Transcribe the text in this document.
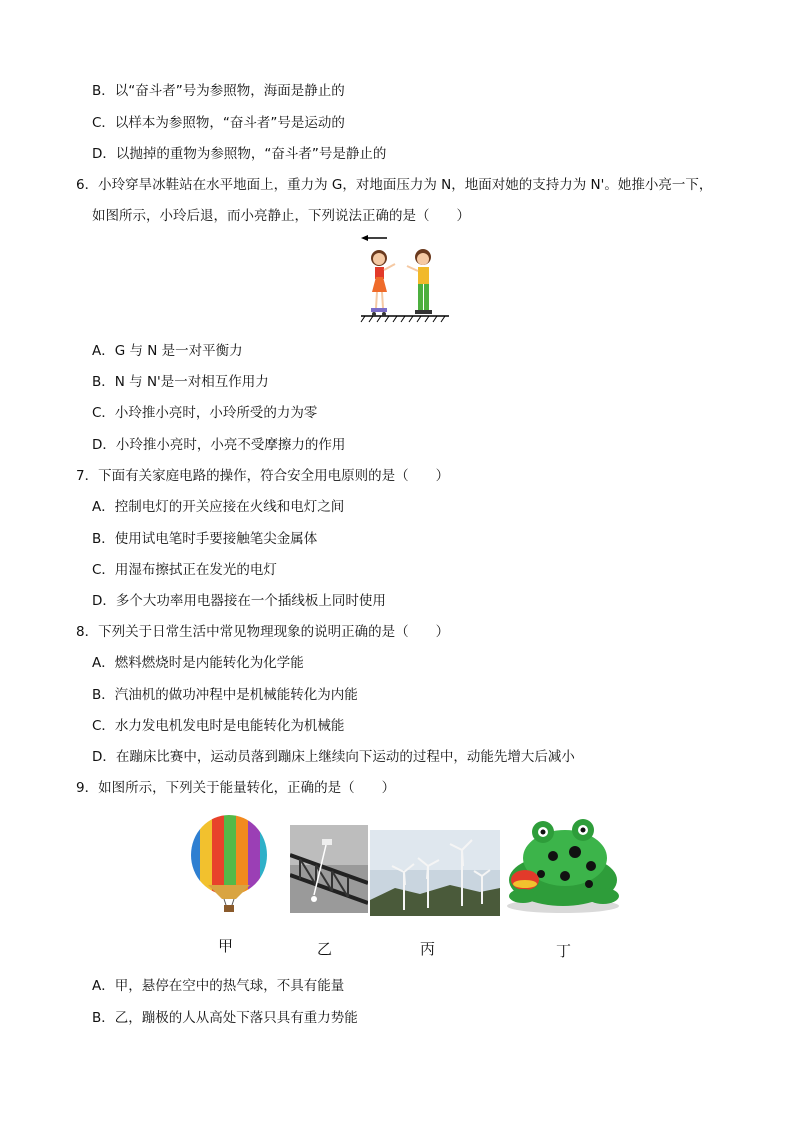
B．以“奋斗者”号为参照物，海面是静止的
C．以样本为参照物，“奋斗者”号是运动的
D．以抛掉的重物为参照物，“奋斗者”号是静止的
6．小玲穿旱冰鞋站在水平地面上，重力为 G，对地面压力为 N，地面对她的支持力为 N'。她推小亮一下，
如图所示，小玲后退，而小亮静止，下列说法正确的是（　　）
A．G 与 N 是一对平衡力
B．N 与 N'是一对相互作用力
C．小玲推小亮时，小玲所受的力为零
D．小玲推小亮时，小亮不受摩擦力的作用
7．下面有关家庭电路的操作，符合安全用电原则的是（　　）
A．控制电灯的开关应接在火线和电灯之间
B．使用试电笔时手要接触笔尖金属体
C．用湿布擦拭正在发光的电灯
D．多个大功率用电器接在一个插线板上同时使用
8．下列关于日常生活中常见物理现象的说明正确的是（　　）
A．燃料燃烧时是内能转化为化学能
B．汽油机的做功冲程中是机械能转化为内能
C．水力发电机发电时是电能转化为机械能
D．在蹦床比赛中，运动员落到蹦床上继续向下运动的过程中，动能先增大后减小
9．如图所示，下列关于能量转化，正确的是（　　）
甲	乙	丙	丁
A．甲，悬停在空中的热气球，不具有能量
B．乙，蹦极的人从高处下落只具有重力势能
